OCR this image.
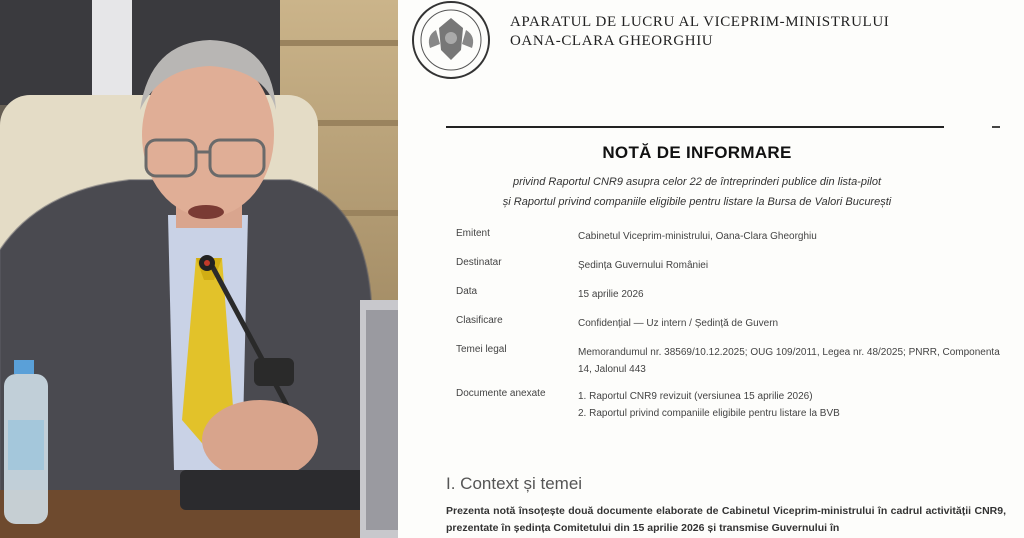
APARATUL DE LUCRU AL VICEPRIM-MINISTRULUI
OANA-CLARA GHEORGHIU
NOTĂ DE INFORMARE
privind Raportul CNR9 asupra celor 22 de întreprinderi publice din lista-pilot
și Raportul privind companiile eligibile pentru listare la Bursa de Valori București
Emitent	Cabinetul Viceprim-ministrului, Oana-Clara Gheorghiu
Destinatar	Ședința Guvernului României
Data	15 aprilie 2026
Clasificare	Confidențial — Uz intern / Ședință de Guvern
Temei legal	Memorandumul nr. 38569/10.12.2025; OUG 109/2011, Legea nr. 48/2025; PNRR, Componenta 14, Jalonul 443
Documente anexate	1. Raportul CNR9 revizuit (versiunea 15 aprilie 2026)
2. Raportul privind companiile eligibile pentru listare la BVB
I. Context și temei
Prezenta notă însoțește două documente elaborate de Cabinetul Viceprim-ministrului în cadrul activității CNR9, prezentate în ședința Comitetului din 15 aprilie 2026 și transmise Guvernului în
